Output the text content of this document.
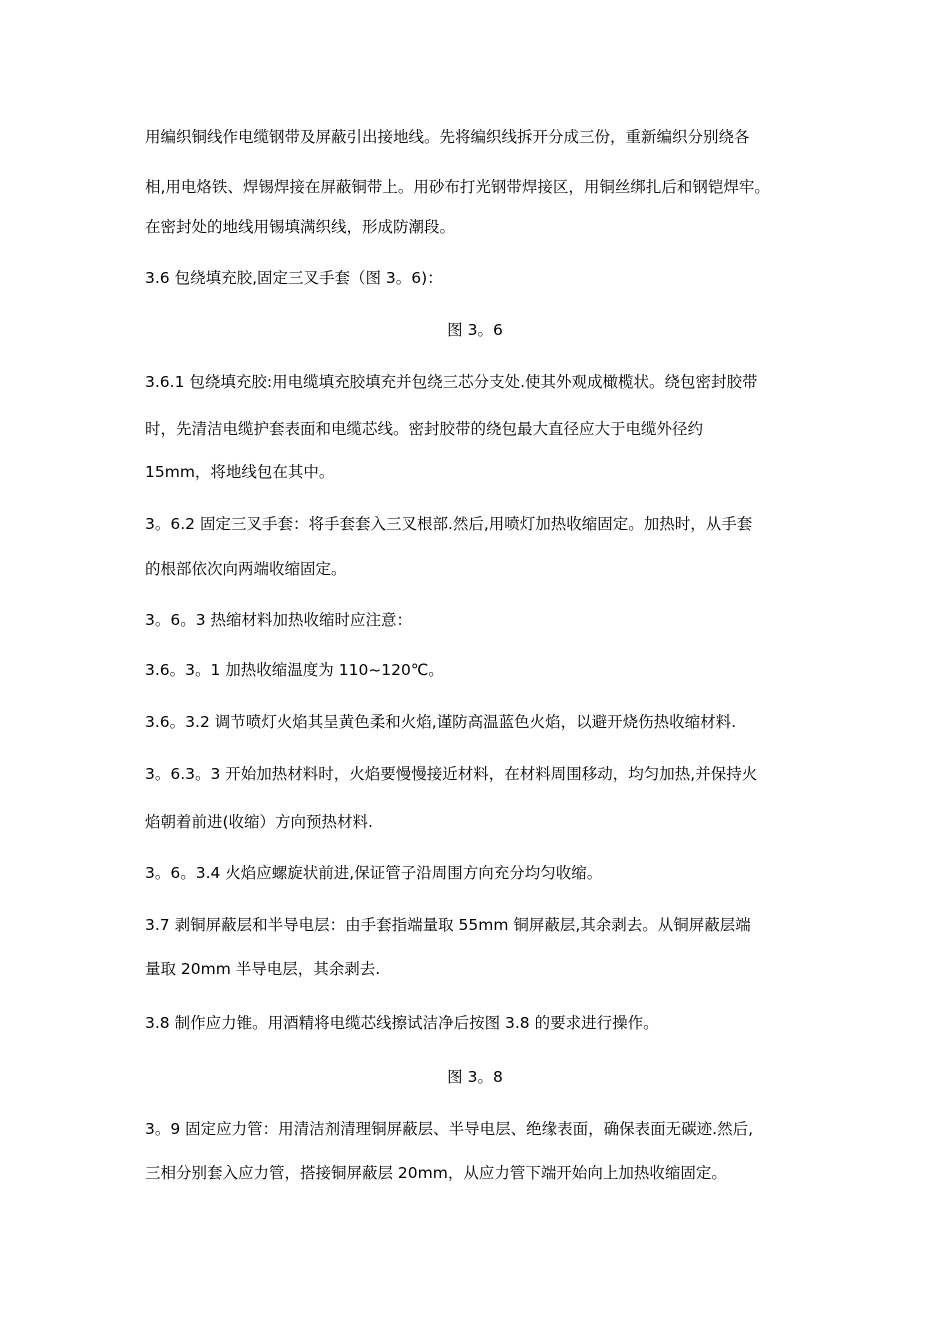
用编织铜线作电缆钢带及屏蔽引出接地线。先将编织线拆开分成三份，重新编织分别绕各
相,用电烙铁、焊锡焊接在屏蔽铜带上。用砂布打光钢带焊接区，用铜丝绑扎后和钢铠焊牢。
在密封处的地线用锡填满织线，形成防潮段。
3.6 包绕填充胶,固定三叉手套（图 3。6)：
图 3。6
3.6.1 包绕填充胶:用电缆填充胶填充并包绕三芯分支处.使其外观成橄榄状。绕包密封胶带
时，先清洁电缆护套表面和电缆芯线。密封胶带的绕包最大直径应大于电缆外径约
15mm，将地线包在其中。
3。6.2 固定三叉手套：将手套套入三叉根部.然后,用喷灯加热收缩固定。加热时，从手套
的根部依次向两端收缩固定。
3。6。3 热缩材料加热收缩时应注意：
3.6。3。1 加热收缩温度为 110~120℃。
3.6。3.2 调节喷灯火焰其呈黄色柔和火焰,谨防高温蓝色火焰，以避开烧伤热收缩材料.
3。6.3。3 开始加热材料时，火焰要慢慢接近材料，在材料周围移动，均匀加热,并保持火
焰朝着前进(收缩）方向预热材料.
3。6。3.4 火焰应螺旋状前进,保证管子沿周围方向充分均匀收缩。
3.7 剥铜屏蔽层和半导电层：由手套指端量取 55mm 铜屏蔽层,其余剥去。从铜屏蔽层端
量取 20mm 半导电层，其余剥去.
3.8 制作应力锥。用酒精将电缆芯线擦试洁净后按图 3.8 的要求进行操作。
图 3。8
3。9 固定应力管：用清洁剂清理铜屏蔽层、半导电层、绝缘表面，确保表面无碳迹.然后,
三相分别套入应力管，搭接铜屏蔽层 20mm，从应力管下端开始向上加热收缩固定。
